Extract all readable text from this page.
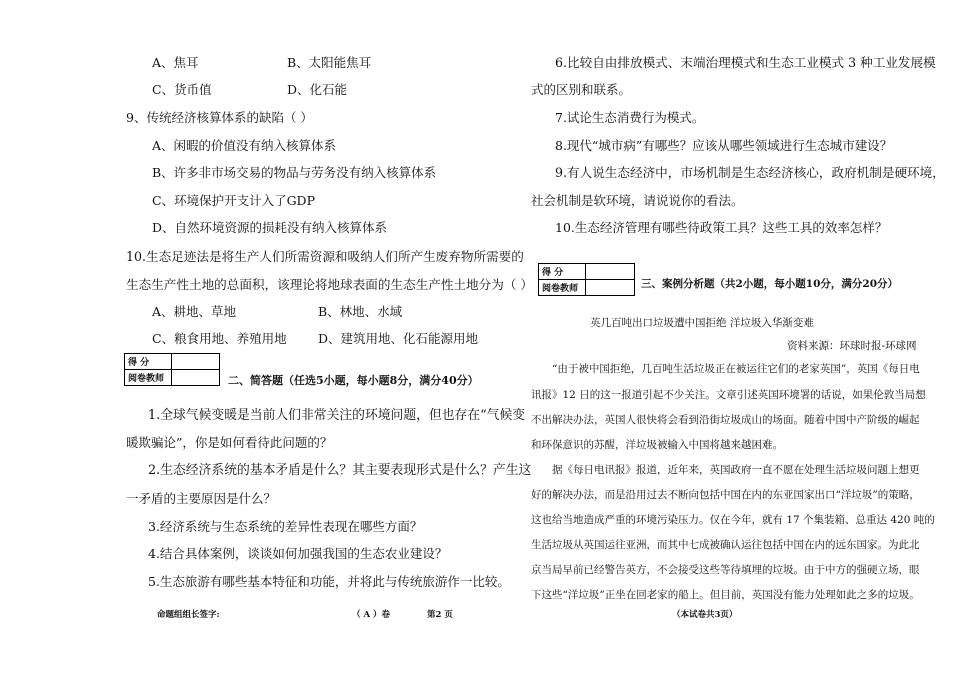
A、焦耳	B、太阳能焦耳
C、货币值	D、化石能
9、传统经济核算体系的缺陷（ ）
A、闲暇的价值没有纳入核算体系
B、许多非市场交易的物品与劳务没有纳入核算体系
C、环境保护开支计入了GDP
D、自然环境资源的损耗没有纳入核算体系
10.生态足迹法是将生产人们所需资源和吸纳人们所产生废弃物所需要的
生态生产性土地的总面积，该理论将地球表面的生态生产性土地分为（ ）
A、耕地、草地	B、林地、水域
C、粮食用地、养殖用地	D、建筑用地、化石能源用地
得 分	
阅卷教师		二、简答题（任选5小题，每小题8分，满分40分）
1.全球气候变暖是当前人们非常关注的环境问题，但也存在“气候变
暖欺骗论”，你是如何看待此问题的？
2.生态经济系统的基本矛盾是什么？其主要表现形式是什么？产生这
一矛盾的主要原因是什么？
3.经济系统与生态系统的差异性表现在哪些方面？
4.结合具体案例，谈谈如何加强我国的生态农业建设？
5.生态旅游有哪些基本特征和功能，并将此与传统旅游作一比较。
6.比较自由排放模式、末端治理模式和生态工业模式 3 种工业发展模
式的区别和联系。
7.试论生态消费行为模式。
8.现代“城市病”有哪些？应该从哪些领域进行生态城市建设？
9.有人说生态经济中，市场机制是生态经济核心，政府机制是硬环境，
社会机制是软环境，请说说你的看法。
10.生态经济管理有哪些待政策工具？这些工具的效率怎样？
得 分	
阅卷教师		三、案例分析题（共2小题，每小题10分，满分20分）
英几百吨出口垃圾遭中国拒绝 洋垃圾入华渐变难
资料来源：环球时报-环球网
“由于被中国拒绝，几百吨生活垃圾正在被运往它们的老家英国”，英国《每日电
讯报》12 日的这一报道引起不少关注。文章引述英国环境署的话说，如果伦敦当局想
不出解决办法，英国人很快将会看到沿街垃圾成山的场面。随着中国中产阶级的崛起
和环保意识的苏醒，洋垃圾被输入中国将越来越困难。
据《每日电讯报》报道，近年来，英国政府一直不愿在处理生活垃圾问题上想更
好的解决办法，而是沿用过去不断向包括中国在内的东亚国家出口“洋垃圾”的策略，
这也给当地造成严重的环境污染压力。仅在今年，就有 17 个集装箱、总重达 420 吨的
生活垃圾从英国运往亚洲，而其中七成被确认运往包括中国在内的远东国家。为此北
京当局早前已经警告英方，不会接受这些等待填埋的垃圾。由于中方的强硬立场，眼
下这些“洋垃圾”正坐在回老家的船上。但目前，英国没有能力处理如此之多的垃圾。
命题组组长签字:	（ A ）卷	第2 页	（本试卷共3页）
